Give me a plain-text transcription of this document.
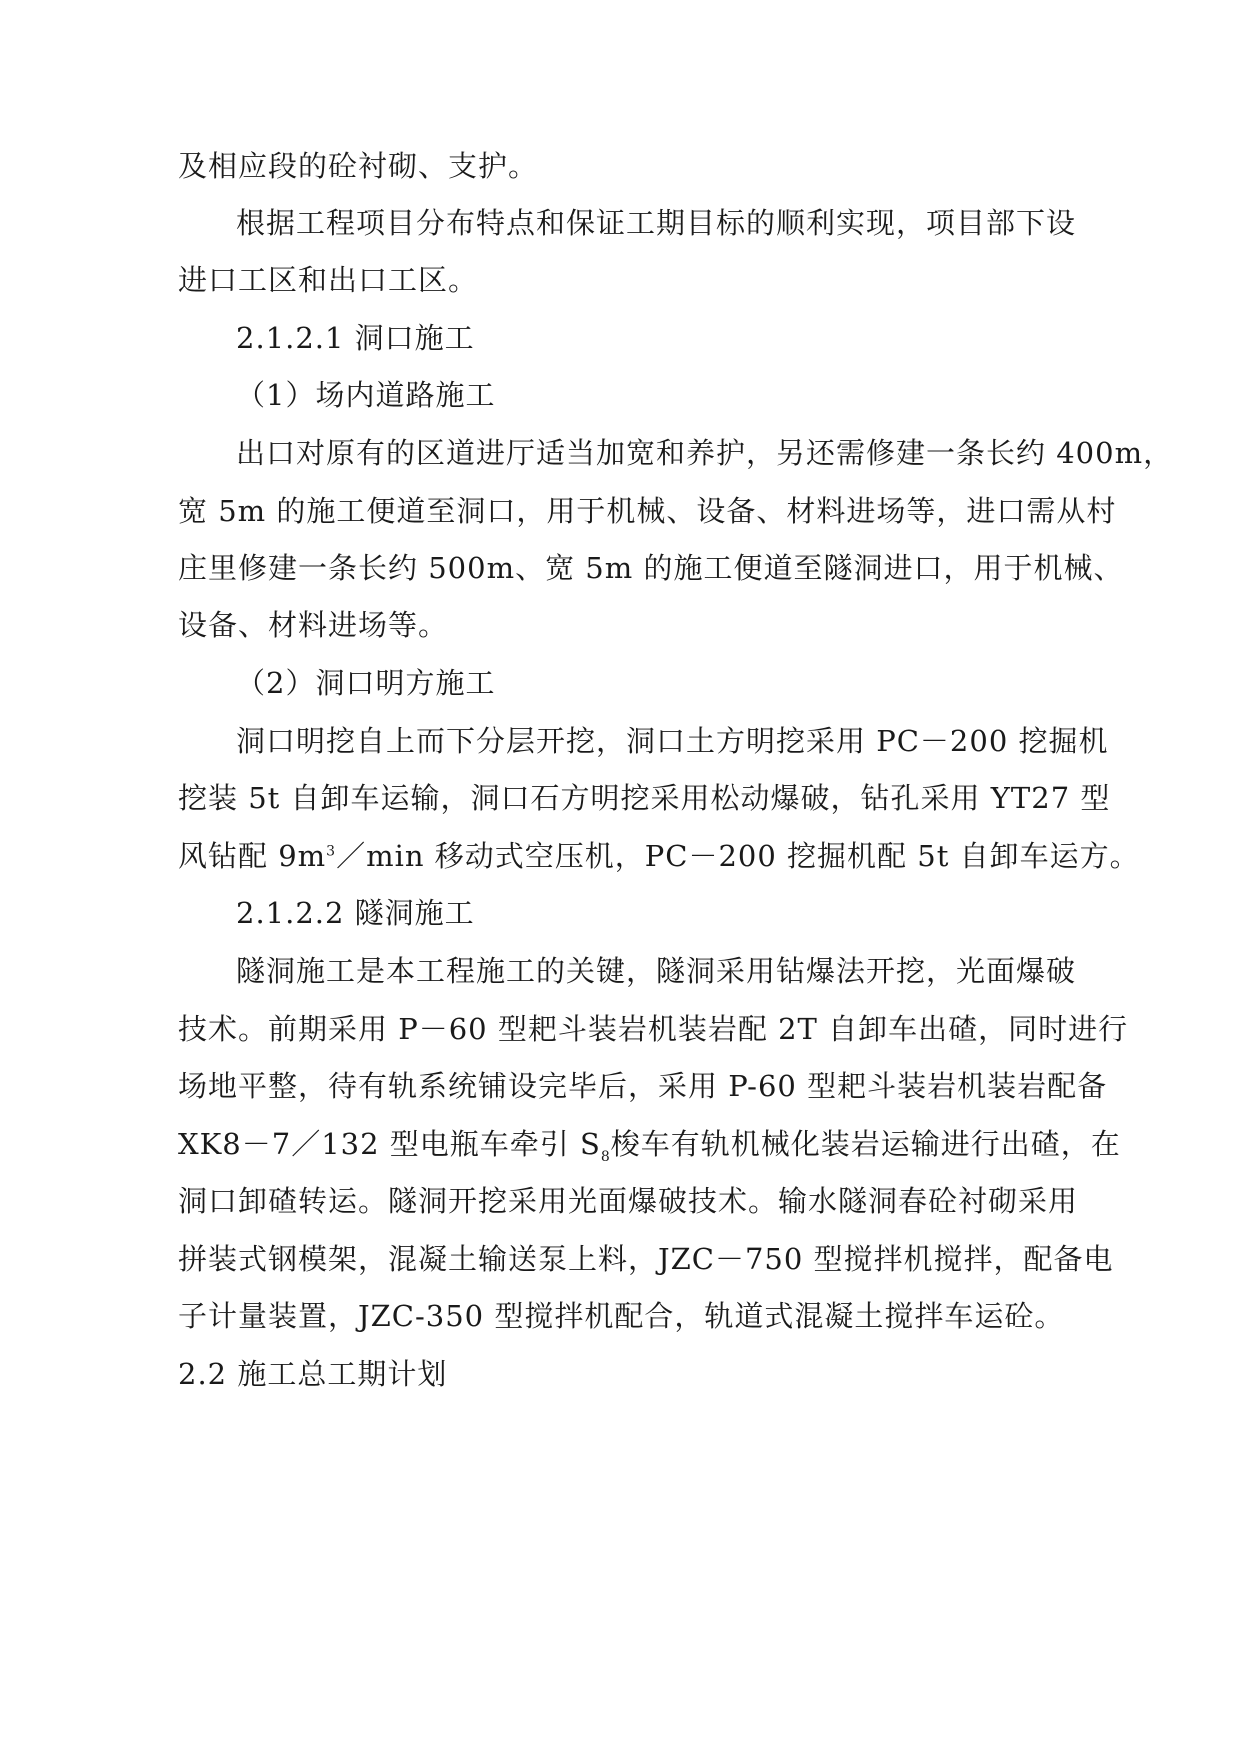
及相应段的砼衬砌、支护。
根据工程项目分布特点和保证工期目标的顺利实现，项目部下设
进口工区和出口工区。
2.1.2.1 洞口施工
（1）场内道路施工
出口对原有的区道进厅适当加宽和养护，另还需修建一条长约 400m，
宽 5m 的施工便道至洞口，用于机械、设备、材料进场等，进口需从村
庄里修建一条长约 500m、宽 5m 的施工便道至隧洞进口，用于机械、
设备、材料进场等。
（2）洞口明方施工
洞口明挖自上而下分层开挖，洞口土方明挖采用 PC－200 挖掘机
挖装 5t 自卸车运输，洞口石方明挖采用松动爆破，钻孔采用 YT27 型
风钻配 $9m^3/\min$ 移动式空压机，PC－200 挖掘机配 5t 自卸车运方。
2.1.2.2 隧洞施工
隧洞施工是本工程施工的关键，隧洞采用钻爆法开挖，光面爆破
技术。前期采用 P－60 型耙斗装岩机装岩配 2T 自卸车出碴，同时进行
场地平整，待有轨系统铺设完毕后，采用 P-60 型耙斗装岩机装岩配备
XK8－7／132 型电瓶车牵引 $S_8$梭车有轨机械化装岩运输进行出碴，在
洞口卸碴转运。隧洞开挖采用光面爆破技术。输水隧洞春砼衬砌采用
拼装式钢模架，混凝土输送泵上料，JZC－750 型搅拌机搅拌，配备电
子计量装置，JZC-350 型搅拌机配合，轨道式混凝土搅拌车运砼。
2.2 施工总工期计划
